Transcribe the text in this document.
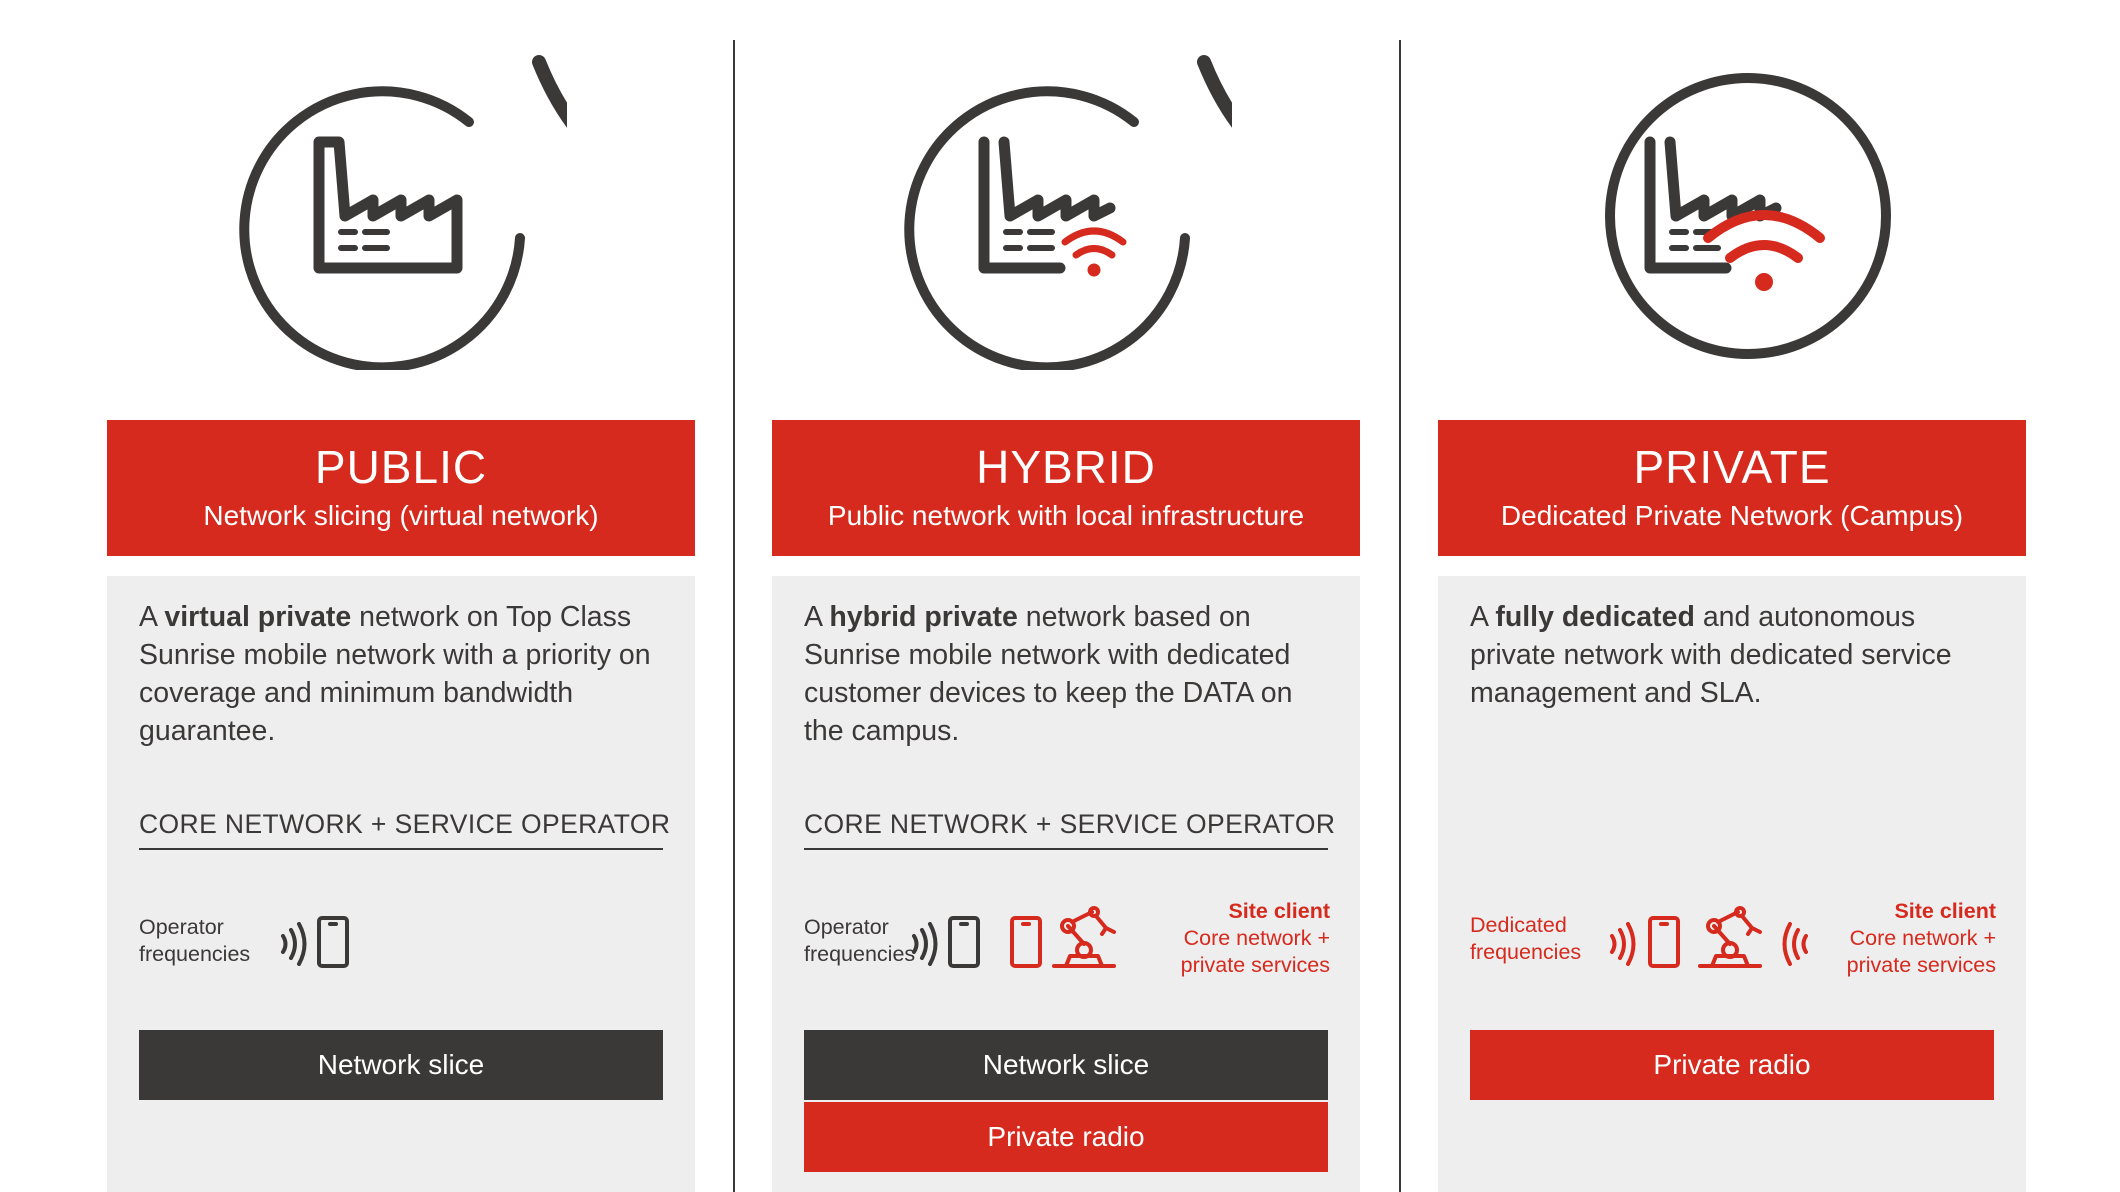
PUBLIC
Network slicing (virtual network)
A virtual private network on Top Class Sunrise mobile network with a priority on coverage and minimum bandwidth guarantee.
CORE NETWORK + SERVICE OPERATOR
Operator
frequencies
Network slice
HYBRID
Public network with local infrastructure
A hybrid private network based on Sunrise mobile network with dedicated customer devices to keep the DATA on the campus.
CORE NETWORK + SERVICE OPERATOR
Operator
frequencies
Site client
Core network +
private services
Network slice
Private radio
PRIVATE
Dedicated Private Network (Campus)
A fully dedicated and autonomous private network with dedicated service management and SLA.
Dedicated
frequencies
Site client
Core network +
private services
Private radio
